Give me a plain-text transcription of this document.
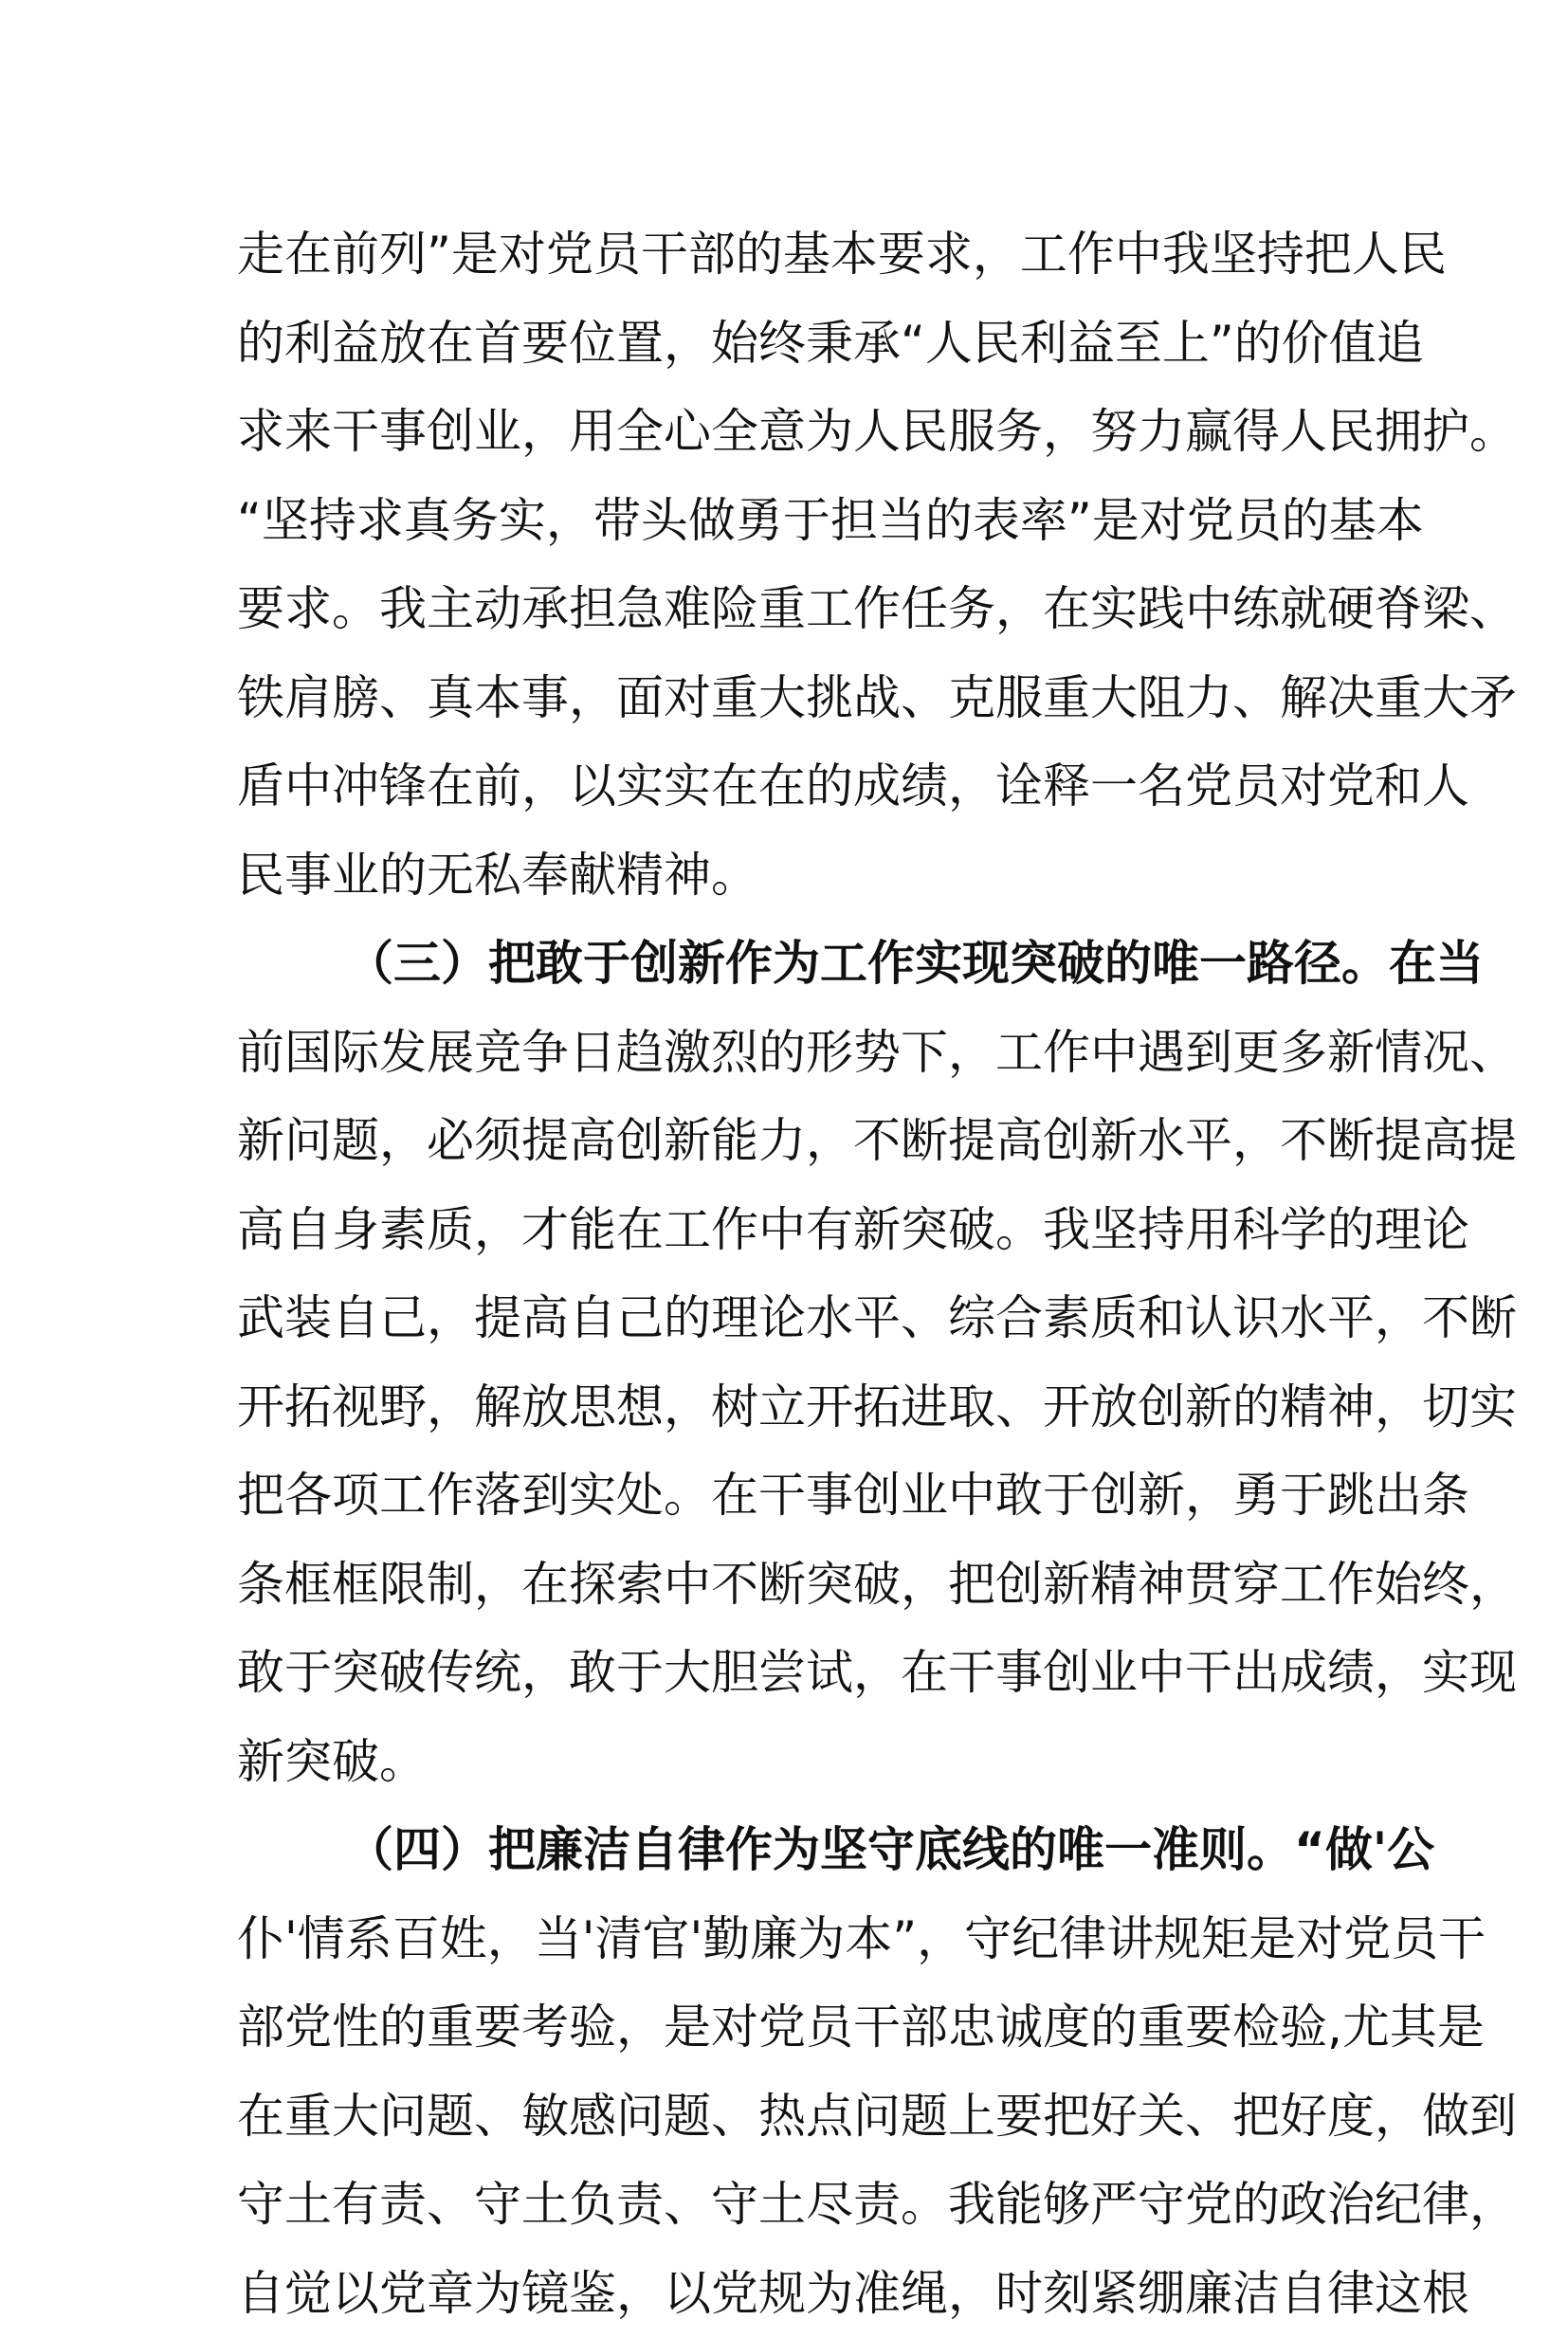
走在前列”是对党员干部的基本要求，工作中我坚持把人民
的利益放在首要位置，始终秉承“人民利益至上”的价值追
求来干事创业，用全心全意为人民服务，努力赢得人民拥护。
“坚持求真务实，带头做勇于担当的表率”是对党员的基本
要求。我主动承担急难险重工作任务，在实践中练就硬脊梁、
铁肩膀、真本事，面对重大挑战、克服重大阻力、解决重大矛
盾中冲锋在前，以实实在在的成绩，诠释一名党员对党和人
民事业的无私奉献精神。
（三）把敢于创新作为工作实现突破的唯一路径。在当
前国际发展竞争日趋激烈的形势下，工作中遇到更多新情况、
新问题，必须提高创新能力，不断提高创新水平，不断提高提
高自身素质，才能在工作中有新突破。我坚持用科学的理论
武装自己，提高自己的理论水平、综合素质和认识水平，不断
开拓视野，解放思想，树立开拓进取、开放创新的精神，切实
把各项工作落到实处。在干事创业中敢于创新，勇于跳出条
条框框限制，在探索中不断突破，把创新精神贯穿工作始终，
敢于突破传统，敢于大胆尝试，在干事创业中干出成绩，实现
新突破。
（四）把廉洁自律作为坚守底线的唯一准则。“做'公
仆'情系百姓，当'清官'勤廉为本”，守纪律讲规矩是对党员干
部党性的重要考验，是对党员干部忠诚度的重要检验,尤其是
在重大问题、敏感问题、热点问题上要把好关、把好度，做到
守土有责、守土负责、守土尽责。我能够严守党的政治纪律，
自觉以党章为镜鉴，以党规为准绳，时刻紧绷廉洁自律这根
